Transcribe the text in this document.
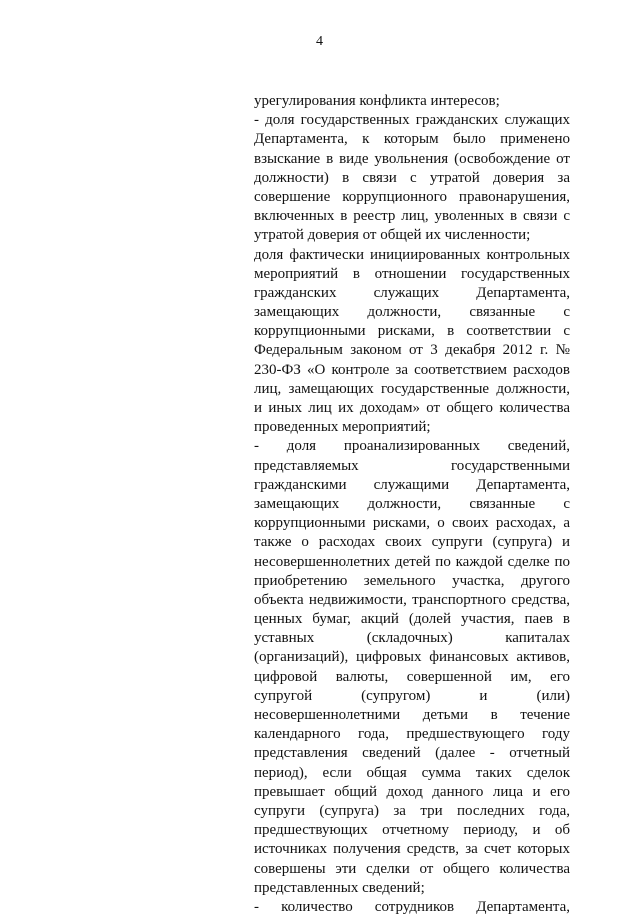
4
урегулирования конфликта интересов;
- доля государственных гражданских служащих
Департамента, к которым было применено
взыскание в виде увольнения (освобождение от
должности) в связи с утратой доверия за
совершение коррупционного правонарушения,
включенных в реестр лиц, уволенных в связи с
утратой доверия от общей их численности;
доля фактически инициированных контрольных
мероприятий в отношении государственных
гражданских служащих Департамента,
замещающих должности, связанные с
коррупционными рисками, в соответствии с
Федеральным законом от 3 декабря 2012 г. №
230-ФЗ «О контроле за соответствием расходов
лиц, замещающих государственные должности,
и иных лиц их доходам» от общего количества
проведенных мероприятий;
- доля проанализированных сведений,
представляемых государственными
гражданскими служащими Департамента,
замещающих должности, связанные с
коррупционными рисками, о своих расходах, а
также о расходах своих супруги (супруга) и
несовершеннолетних детей по каждой сделке по
приобретению земельного участка, другого
объекта недвижимости, транспортного средства,
ценных бумаг, акций (долей участия, паев в
уставных (складочных) капиталах
(организаций), цифровых финансовых активов,
цифровой валюты, совершенной им, его
супругой (супругом) и (или)
несовершеннолетними детьми в течение
календарного года, предшествующего году
представления сведений (далее - отчетный
период), если общая сумма таких сделок
превышает общий доход данного лица и его
супруги (супруга) за три последних года,
предшествующих отчетному периоду, и об
источниках получения средств, за счет которых
совершены эти сделки от общего количества
представленных сведений;
- количество сотрудников Департамента,
